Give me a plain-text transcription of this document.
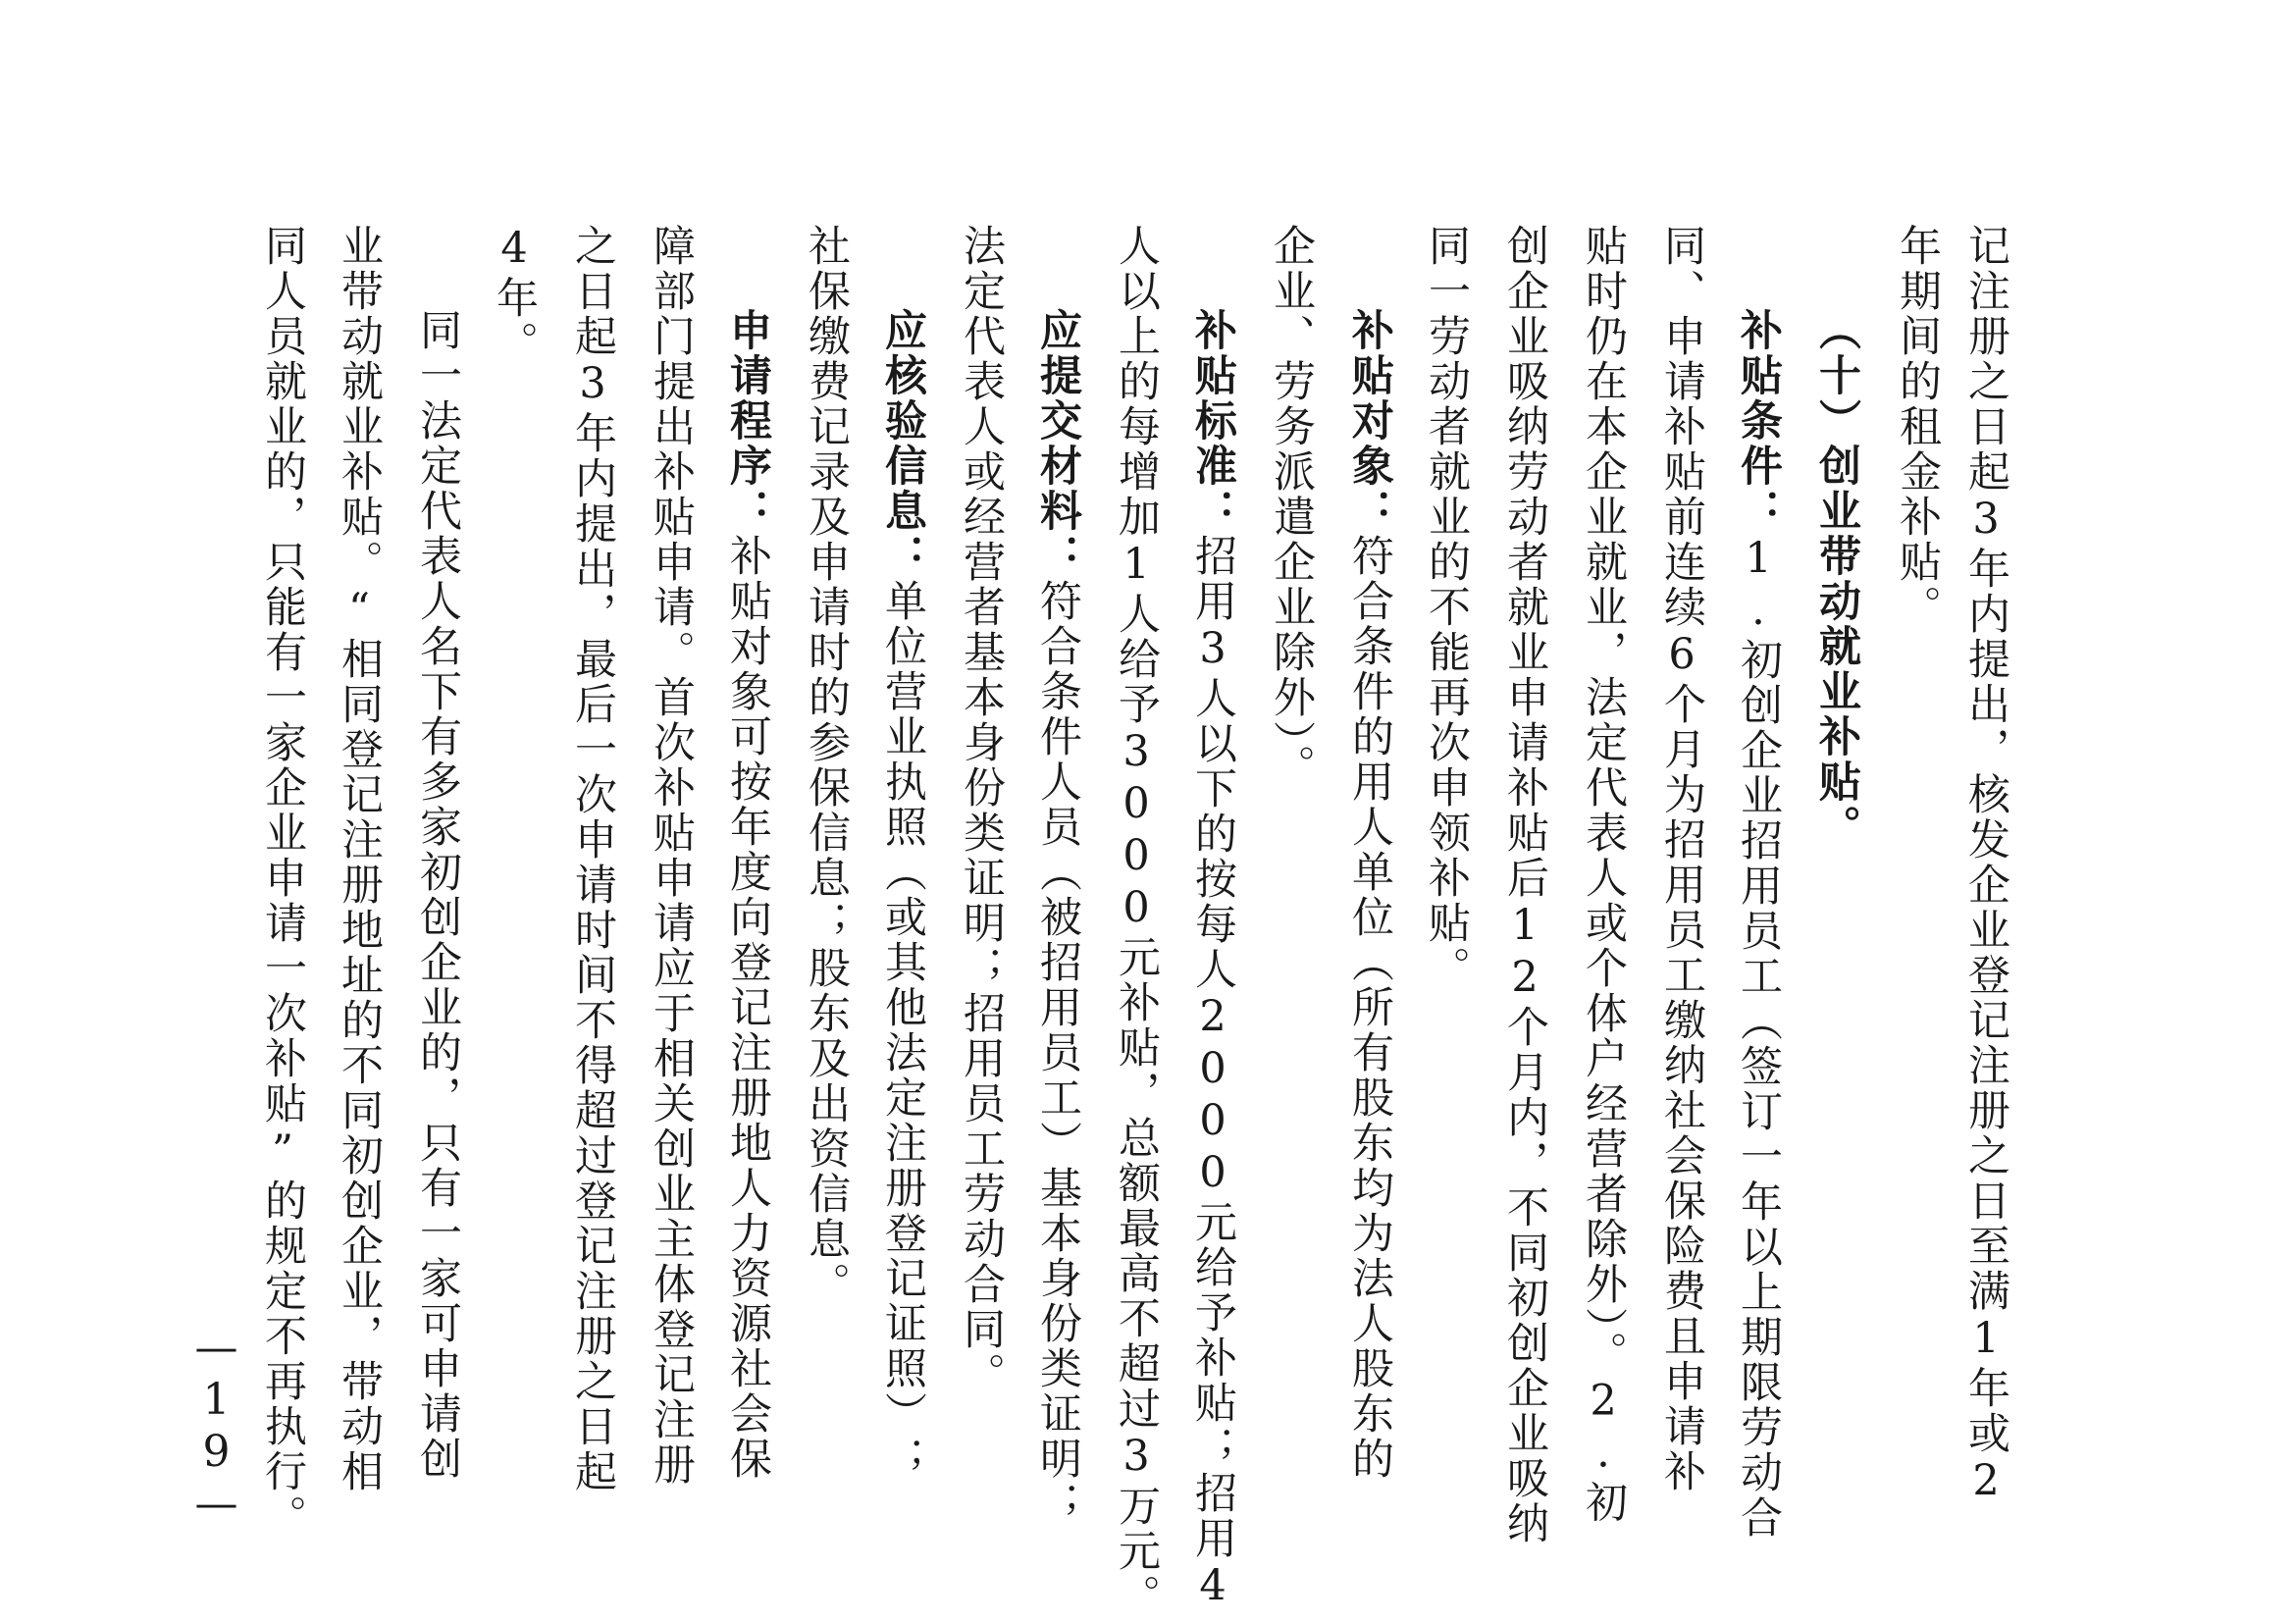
记注册之日起3年内提出，核发企业登记注册之日至满1年或2
年期间的租金补贴。
（十）创业带动就业补贴。
补贴条件：1.初创企业招用员工（签订一年以上期限劳动合
同、申请补贴前连续6个月为招用员工缴纳社会保险费且申请补
贴时仍在本企业就业，法定代表人或个体户经营者除外）。2.初
创企业吸纳劳动者就业申请补贴后12个月内，不同初创企业吸纳
同一劳动者就业的不能再次申领补贴。
补贴对象：符合条件的用人单位（所有股东均为法人股东的
企业、劳务派遣企业除外）。
补贴标准：招用3人以下的按每人2000元给予补贴；招用4
人以上的每增加1人给予3000元补贴，总额最高不超过3万元。
应提交材料：符合条件人员（被招用员工）基本身份类证明；
法定代表人或经营者基本身份类证明；招用员工劳动合同。
应核验信息：单位营业执照（或其他法定注册登记证照）；
社保缴费记录及申请时的参保信息；股东及出资信息。
申请程序：补贴对象可按年度向登记注册地人力资源社会保
障部门提出补贴申请。首次补贴申请应于相关创业主体登记注册
之日起3年内提出，最后一次申请时间不得超过登记注册之日起
4年。
同一法定代表人名下有多家初创企业的，只有一家可申请创
业带动就业补贴。“相同登记注册地址的不同初创企业，带动相
同人员就业的，只能有一家企业申请一次补贴”的规定不再执行。
—19—
